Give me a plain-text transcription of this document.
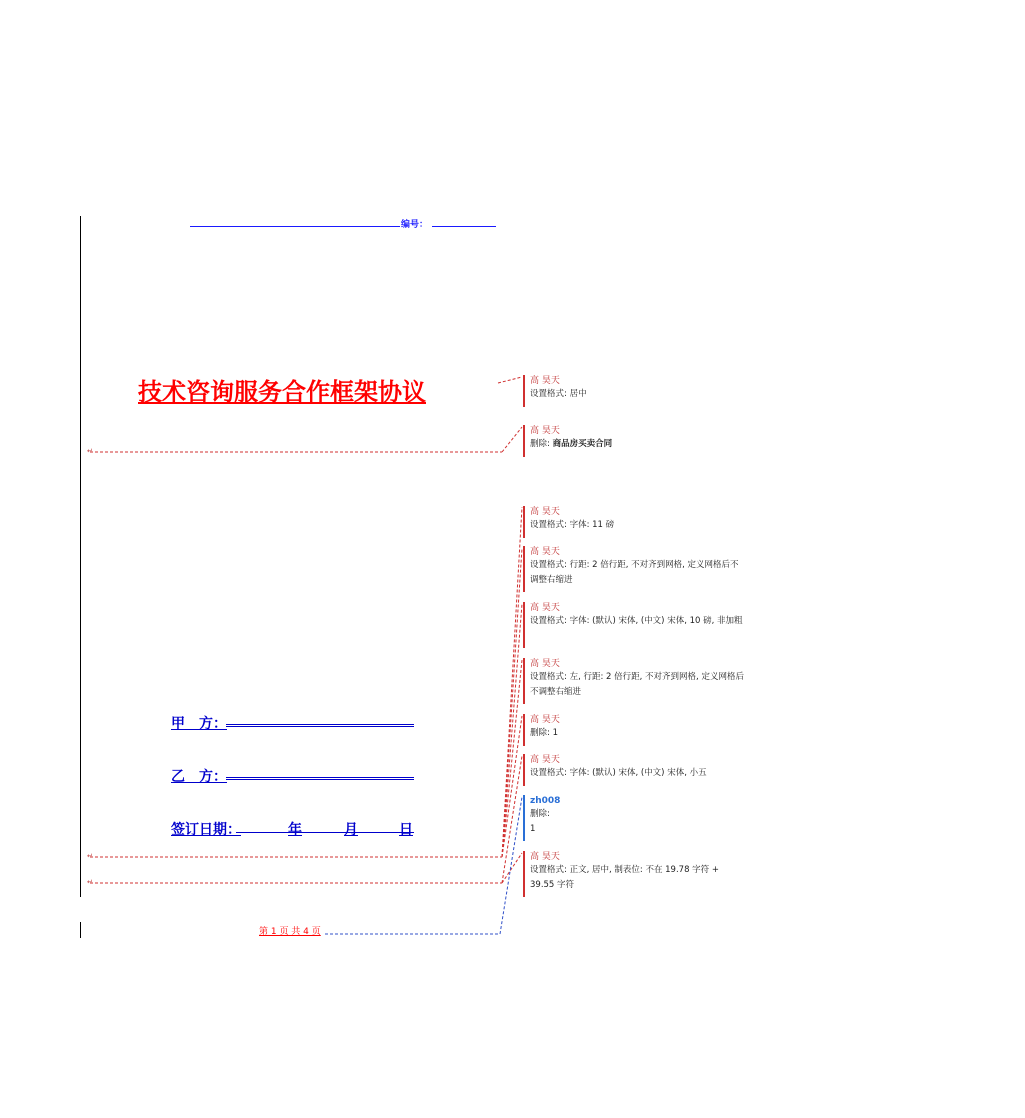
编号：
技术咨询服务合作框架协议
甲　方：
乙　方：
签订日期：	年	月	日
第 1 页 共 4 页
↵
↵
↵
高 昊天
设置格式: 居中
高 昊天
删除: 商品房买卖合同
高 昊天
设置格式: 字体: 11 磅
高 昊天
设置格式: 行距: 2 倍行距, 不对齐到网格, 定义网格后不调整右缩进
高 昊天
设置格式: 字体: (默认) 宋体, (中文) 宋体, 10 磅, 非加粗
高 昊天
设置格式: 左, 行距: 2 倍行距, 不对齐到网格, 定义网格后不调整右缩进
高 昊天
删除: 1
高 昊天
设置格式: 字体: (默认) 宋体, (中文) 宋体, 小五
zh008
删除:
1
高 昊天
设置格式: 正文, 居中, 制表位: 不在 19.78 字符 + 39.55 字符
